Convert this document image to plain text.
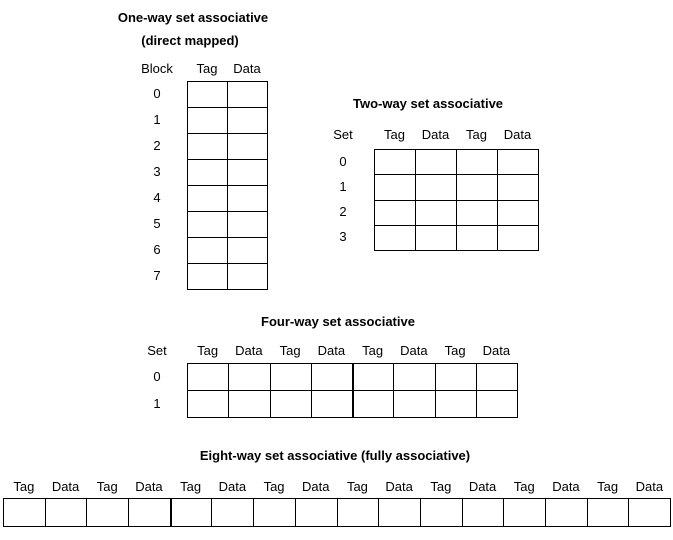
One-way set associative
(direct mapped)
Two-way set associative
Four-way set associative
Eight-way set associative (fully associative)
Tag Data
Block
0
1
2
3
4
5
6
7
Tag Data Tag Data
Set
0
1
2
3
Tag Data Tag Data Tag Data Tag Data
Set
0
1
Tag Data Tag Data Tag Data Tag Data Tag Data Tag Data Tag Data Tag Data
